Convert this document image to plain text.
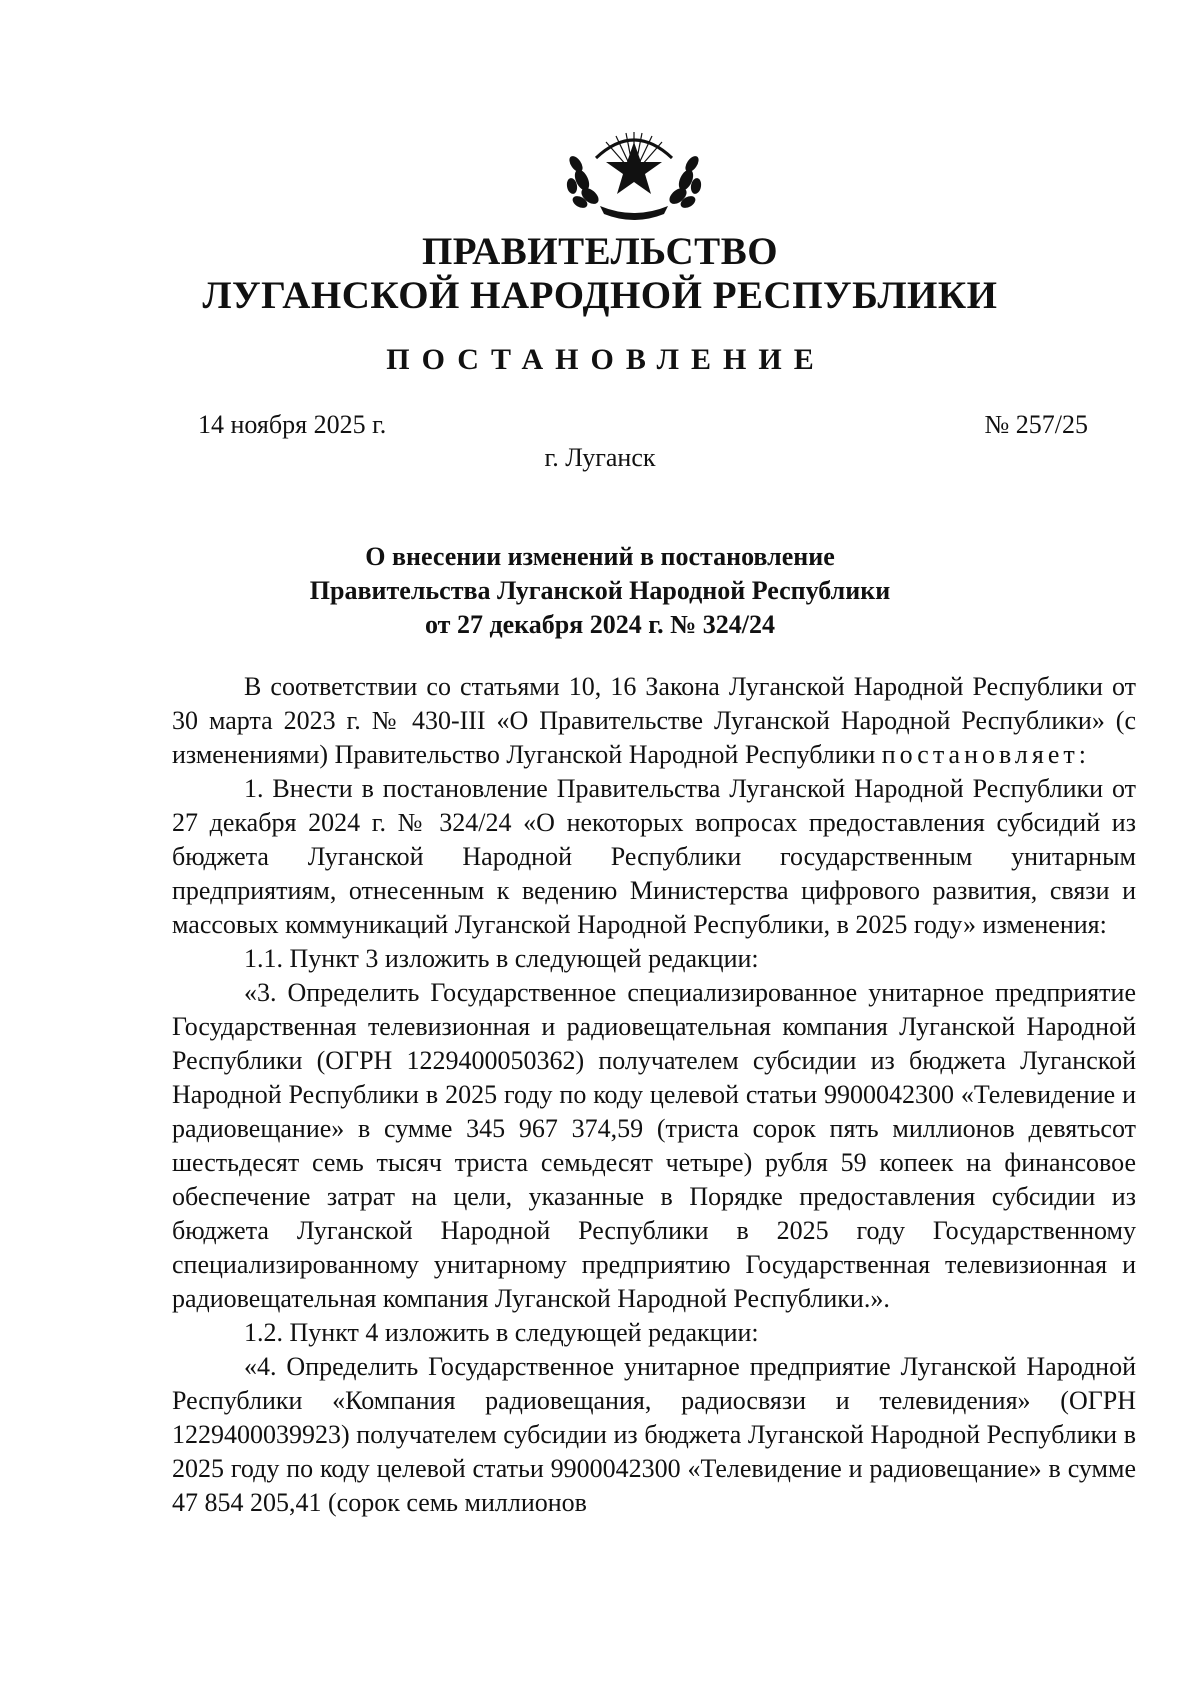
ПРАВИТЕЛЬСТВО
ЛУГАНСКОЙ НАРОДНОЙ РЕСПУБЛИКИ
ПОСТАНОВЛЕНИЕ
14 ноября 2025 г.	№ 257/25
г. Луганск
О внесении изменений в постановление
Правительства Луганской Народной Республики
от 27 декабря 2024 г. № 324/24

В соответствии со статьями 10, 16 Закона Луганской Народной Республики от 30 марта 2023 г. № 430-III «О Правительстве Луганской Народной Республики» (с изменениями) Правительство Луганской Народной Республики постановляет:

1. Внести в постановление Правительства Луганской Народной Республики от 27 декабря 2024 г. № 324/24 «О некоторых вопросах предоставления субсидий из бюджета Луганской Народной Республики государственным унитарным предприятиям, отнесенным к ведению Министерства цифрового развития, связи и массовых коммуникаций Луганской Народной Республики, в 2025 году» изменения:

1.1. Пункт 3 изложить в следующей редакции:

«3. Определить Государственное специализированное унитарное предприятие Государственная телевизионная и радиовещательная компания Луганской Народной Республики (ОГРН 1229400050362) получателем субсидии из бюджета Луганской Народной Республики в 2025 году по коду целевой статьи 9900042300 «Телевидение и радиовещание» в сумме 345 967 374,59 (триста сорок пять миллионов девятьсот шестьдесят семь тысяч триста семьдесят четыре) рубля 59 копеек на финансовое обеспечение затрат на цели, указанные в Порядке предоставления субсидии из бюджета Луганской Народной Республики в 2025 году Государственному специализированному унитарному предприятию Государственная телевизионная и радиовещательная компания Луганской Народной Республики.».

1.2. Пункт 4 изложить в следующей редакции:

«4. Определить Государственное унитарное предприятие Луганской Народной Республики «Компания радиовещания, радиосвязи и телевидения» (ОГРН 1229400039923) получателем субсидии из бюджета Луганской Народной Республики в 2025 году по коду целевой статьи 9900042300 «Телевидение и радиовещание» в сумме 47 854 205,41 (сорок семь миллионов
